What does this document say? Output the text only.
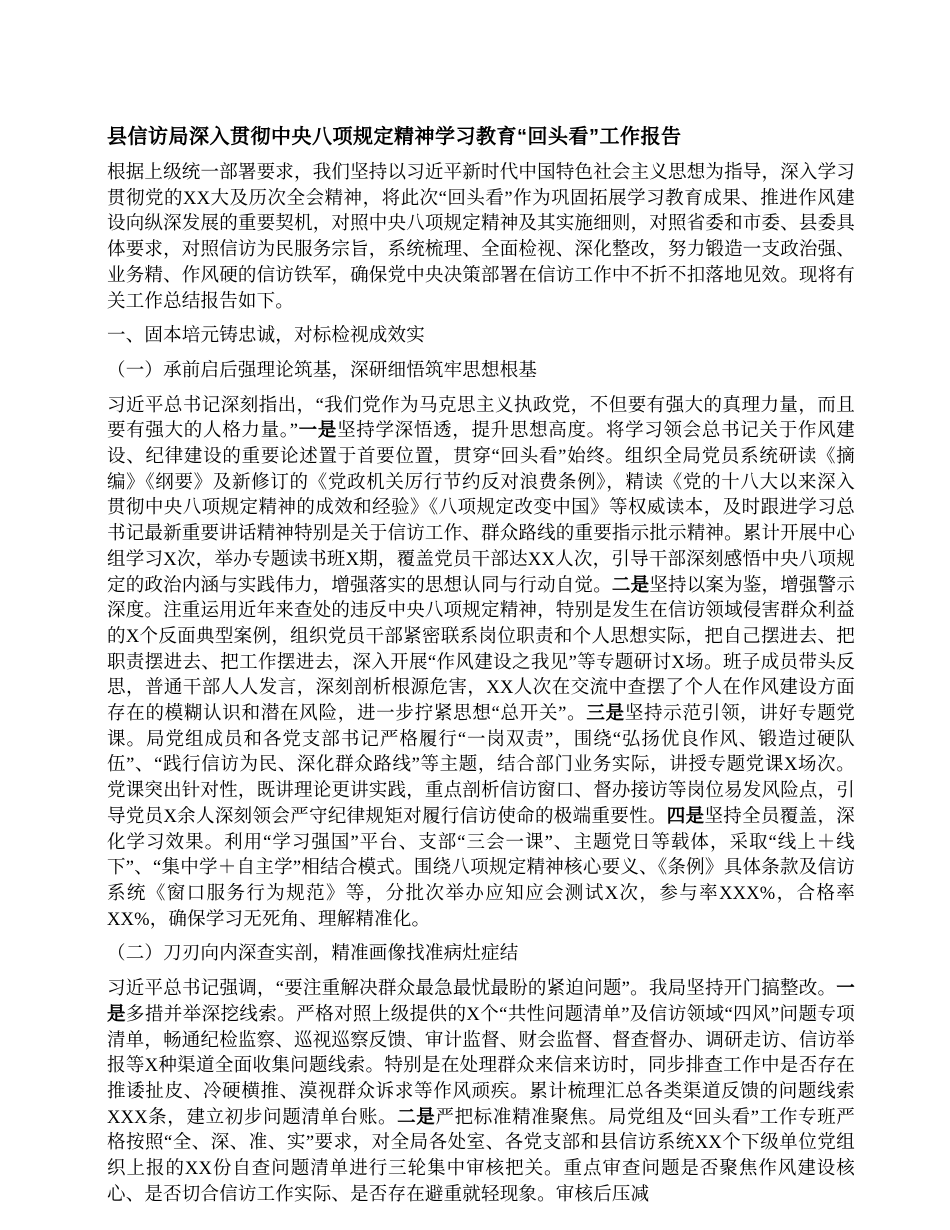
县信访局深入贯彻中央八项规定精神学习教育“回头看”工作报告

根据上级统一部署要求，我们坚持以习近平新时代中国特色社会主义思想为指导，深入学习贯彻党的XX大及历次全会精神，将此次“回头看”作为巩固拓展学习教育成果、推进作风建设向纵深发展的重要契机，对照中央八项规定精神及其实施细则，对照省委和市委、县委具体要求，对照信访为民服务宗旨，系统梳理、全面检视、深化整改，努力锻造一支政治强、业务精、作风硬的信访铁军，确保党中央决策部署在信访工作中不折不扣落地见效。现将有关工作总结报告如下。

一、固本培元铸忠诚，对标检视成效实
（一）承前启后强理论筑基，深研细悟筑牢思想根基

习近平总书记深刻指出，“我们党作为马克思主义执政党，不但要有强大的真理力量，而且要有强大的人格力量。”一是坚持学深悟透，提升思想高度。将学习领会总书记关于作风建设、纪律建设的重要论述置于首要位置，贯穿“回头看”始终。组织全局党员系统研读《摘编》《纲要》及新修订的《党政机关厉行节约反对浪费条例》，精读《党的十八大以来深入贯彻中央八项规定精神的成效和经验》《八项规定改变中国》等权威读本，及时跟进学习总书记最新重要讲话精神特别是关于信访工作、群众路线的重要指示批示精神。累计开展中心组学习X次，举办专题读书班X期，覆盖党员干部达XX人次，引导干部深刻感悟中央八项规定的政治内涵与实践伟力，增强落实的思想认同与行动自觉。二是坚持以案为鉴，增强警示深度。注重运用近年来查处的违反中央八项规定精神，特别是发生在信访领域侵害群众利益的X个反面典型案例，组织党员干部紧密联系岗位职责和个人思想实际，把自己摆进去、把职责摆进去、把工作摆进去，深入开展“作风建设之我见”等专题研讨X场。班子成员带头反思，普通干部人人发言，深刻剖析根源危害，XX人次在交流中查摆了个人在作风建设方面存在的模糊认识和潜在风险，进一步拧紧思想“总开关”。三是坚持示范引领，讲好专题党课。局党组成员和各党支部书记严格履行“一岗双责”，围绕“弘扬优良作风、锻造过硬队伍”、“践行信访为民、深化群众路线”等主题，结合部门业务实际，讲授专题党课X场次。党课突出针对性，既讲理论更讲实践，重点剖析信访窗口、督办接访等岗位易发风险点，引导党员X余人深刻领会严守纪律规矩对履行信访使命的极端重要性。四是坚持全员覆盖，深化学习效果。利用“学习强国”平台、支部“三会一课”、主题党日等载体，采取“线上＋线下”、“集中学＋自主学”相结合模式。围绕八项规定精神核心要义、《条例》具体条款及信访系统《窗口服务行为规范》等，分批次举办应知应会测试X次，参与率XXX%，合格率XX%，确保学习无死角、理解精准化。

（二）刀刃向内深查实剖，精准画像找准病灶症结

习近平总书记强调，“要注重解决群众最急最忧最盼的紧迫问题”。我局坚持开门搞整改。一是多措并举深挖线索。严格对照上级提供的X个“共性问题清单”及信访领域“四风”问题专项清单，畅通纪检监察、巡视巡察反馈、审计监督、财会监督、督查督办、调研走访、信访举报等X种渠道全面收集问题线索。特别是在处理群众来信来访时，同步排查工作中是否存在推诿扯皮、冷硬横推、漠视群众诉求等作风顽疾。累计梳理汇总各类渠道反馈的问题线索XXX条，建立初步问题清单台账。二是严把标准精准聚焦。局党组及“回头看”工作专班严格按照“全、深、准、实”要求，对全局各处室、各党支部和县信访系统XX个下级单位党组织上报的XX份自查问题清单进行三轮集中审核把关。重点审查问题是否聚焦作风建设核心、是否切合信访工作实际、是否存在避重就轻现象。审核后压减
